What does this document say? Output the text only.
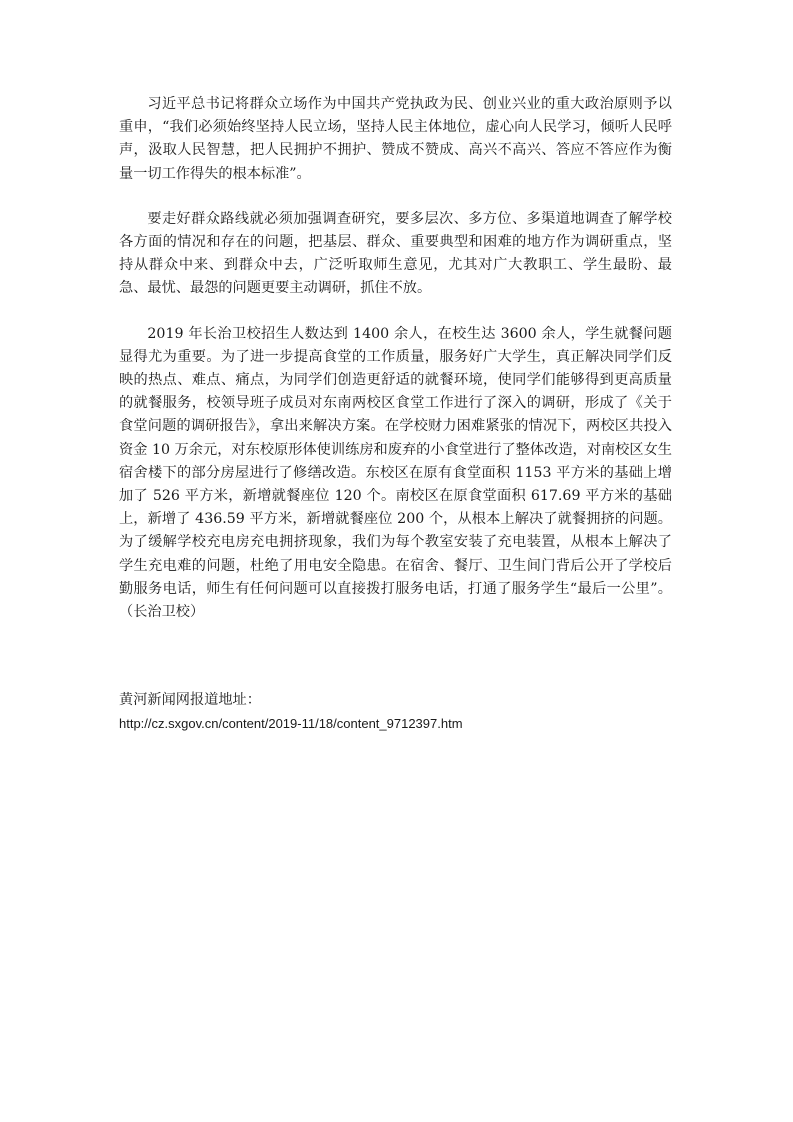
习近平总书记将群众立场作为中国共产党执政为民、创业兴业的重大政治原则予以重申，“我们必须始终坚持人民立场，坚持人民主体地位，虚心向人民学习，倾听人民呼声，汲取人民智慧，把人民拥护不拥护、赞成不赞成、高兴不高兴、答应不答应作为衡量一切工作得失的根本标准”。

要走好群众路线就必须加强调查研究，要多层次、多方位、多渠道地调查了解学校各方面的情况和存在的问题，把基层、群众、重要典型和困难的地方作为调研重点，坚持从群众中来、到群众中去，广泛听取师生意见，尤其对广大教职工、学生最盼、最急、最忧、最怨的问题更要主动调研，抓住不放。

2019 年长治卫校招生人数达到 1400 余人，在校生达 3600 余人，学生就餐问题显得尤为重要。为了进一步提高食堂的工作质量，服务好广大学生，真正解决同学们反映的热点、难点、痛点，为同学们创造更舒适的就餐环境，使同学们能够得到更高质量的就餐服务，校领导班子成员对东南两校区食堂工作进行了深入的调研，形成了《关于食堂问题的调研报告》，拿出来解决方案。在学校财力困难紧张的情况下，两校区共投入资金 10 万余元，对东校原形体使训练房和废弃的小食堂进行了整体改造，对南校区女生宿舍楼下的部分房屋进行了修缮改造。东校区在原有食堂面积 1153 平方米的基础上增加了 526 平方米，新增就餐座位 120 个。南校区在原食堂面积 617.69 平方米的基础上，新增了 436.59 平方米，新增就餐座位 200 个，从根本上解决了就餐拥挤的问题。为了缓解学校充电房充电拥挤现象，我们为每个教室安装了充电装置，从根本上解决了学生充电难的问题，杜绝了用电安全隐患。在宿舍、餐厅、卫生间门背后公开了学校后勤服务电话，师生有任何问题可以直接拨打服务电话，打通了服务学生“最后一公里”。（长治卫校）

黄河新闻网报道地址：
http://cz.sxgov.cn/content/2019-11/18/content_9712397.htm
